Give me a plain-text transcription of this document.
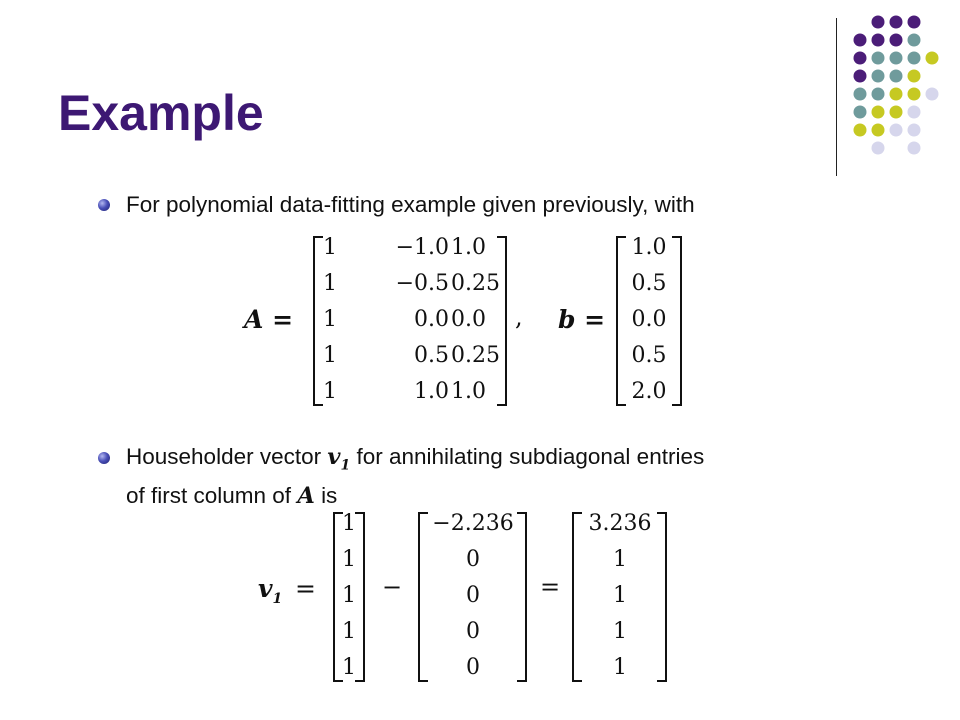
Example
For polynomial data-fitting example given previously, with
A =
1	−1.0 1.0
1	−0.5 0.25
1	0.0 0.0
1	0.5 0.25
1	1.0 1.0
, b =
1.0
0.5
0.0
0.5
2.0
Householder vector $v_1$ for annihilating subdiagonal entries
of first column of A is
$v_1$ =
1
1
1
1
1
−
−2.236
0
0
0
0
=
3.236
1
1
1
1
